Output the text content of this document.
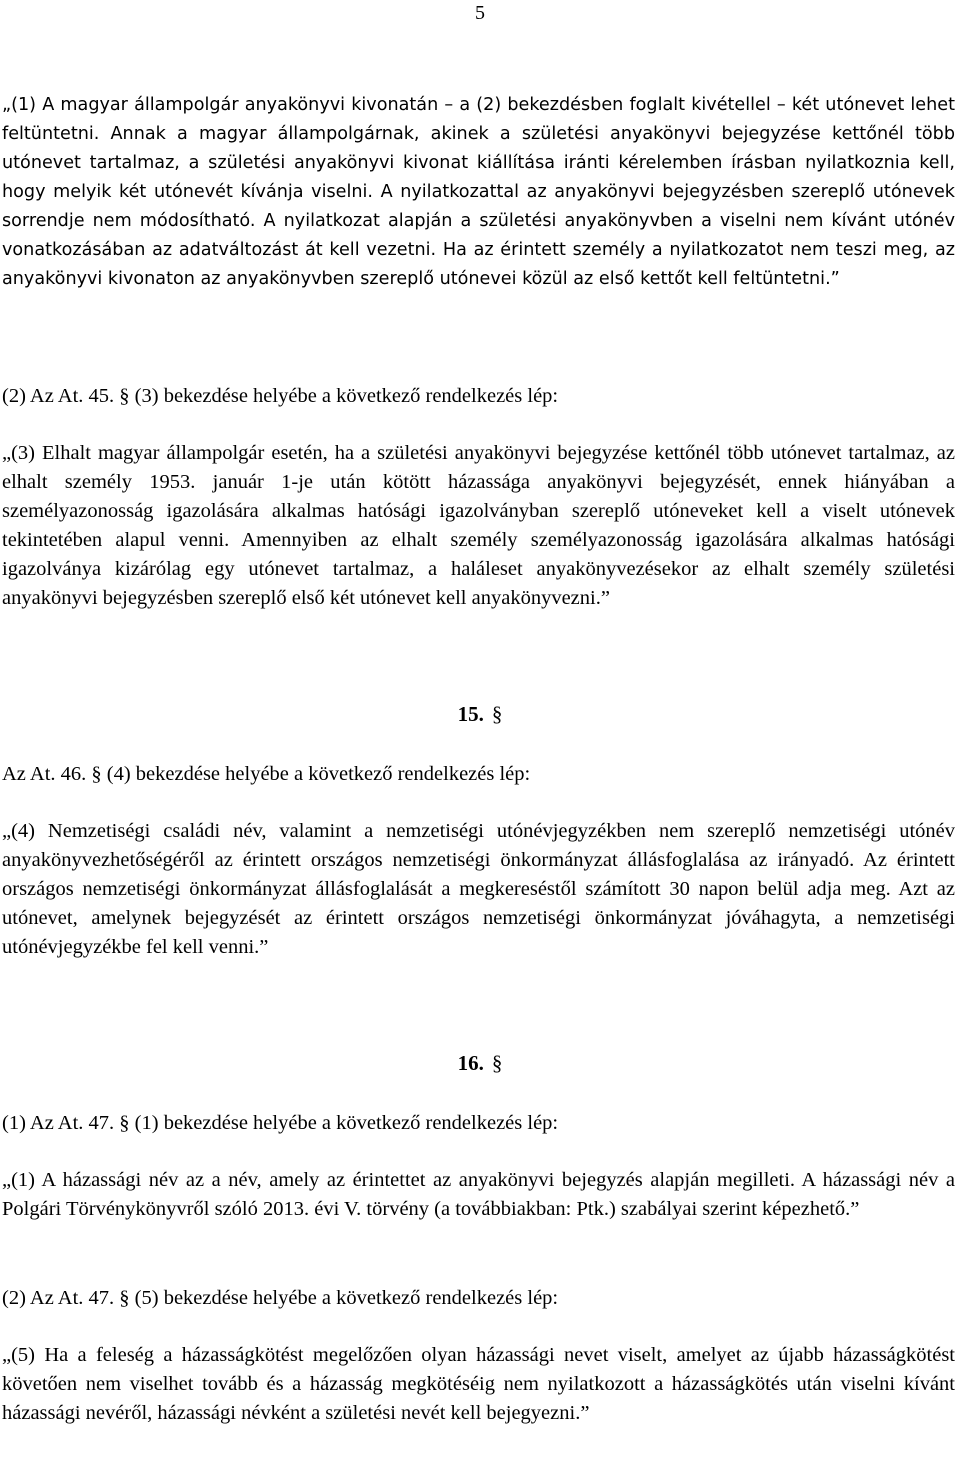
5
„(1) A magyar állampolgár anyakönyvi kivonatán – a (2) bekezdésben foglalt kivétellel – két utónevet lehet feltüntetni. Annak a magyar állampolgárnak, akinek a születési anyakönyvi bejegyzése kettőnél több utónevet tartalmaz, a születési anyakönyvi kivonat kiállítása iránti kérelemben írásban nyilatkoznia kell, hogy melyik két utónevét kívánja viselni. A nyilatkozattal az anyakönyvi bejegyzésben szereplő utónevek sorrendje nem módosítható. A nyilatkozat alapján a születési anyakönyvben a viselni nem kívánt utónév vonatkozásában az adatváltozást át kell vezetni. Ha az érintett személy a nyilatkozatot nem teszi meg, az anyakönyvi kivonaton az anyakönyvben szereplő utónevei közül az első kettőt kell feltüntetni.”
(2) Az At. 45. § (3) bekezdése helyébe a következő rendelkezés lép:
„(3) Elhalt magyar állampolgár esetén, ha a születési anyakönyvi bejegyzése kettőnél több utónevet tartalmaz, az elhalt személy 1953. január 1-je után kötött házassága anyakönyvi bejegyzését, ennek hiányában a személyazonosság igazolására alkalmas hatósági igazolványban szereplő utóneveket kell a viselt utónevek tekintetében alapul venni. Amennyiben az elhalt személy személyazonosság igazolására alkalmas hatósági igazolványa kizárólag egy utónevet tartalmaz, a haláleset anyakönyvezésekor az elhalt személy születési anyakönyvi bejegyzésben szereplő első két utónevet kell anyakönyvezni.”
15. §
Az At. 46. § (4) bekezdése helyébe a következő rendelkezés lép:
„(4) Nemzetiségi családi név, valamint a nemzetiségi utónévjegyzékben nem szereplő nemzetiségi utónév anyakönyvezhetőségéről az érintett országos nemzetiségi önkormányzat állásfoglalása az irányadó. Az érintett országos nemzetiségi önkormányzat állásfoglalását a megkereséstől számított 30 napon belül adja meg. Azt az utónevet, amelynek bejegyzését az érintett országos nemzetiségi önkormányzat jóváhagyta, a nemzetiségi utónévjegyzékbe fel kell venni.”
16. §
(1) Az At. 47. § (1) bekezdése helyébe a következő rendelkezés lép:
„(1) A házassági név az a név, amely az érintettet az anyakönyvi bejegyzés alapján megilleti. A házassági név a Polgári Törvénykönyvről szóló 2013. évi V. törvény (a továbbiakban: Ptk.) szabályai szerint képezhető.”
(2) Az At. 47. § (5) bekezdése helyébe a következő rendelkezés lép:
„(5) Ha a feleség a házasságkötést megelőzően olyan házassági nevet viselt, amelyet az újabb házasságkötést követően nem viselhet tovább és a házasság megkötéséig nem nyilatkozott a házasságkötés után viselni kívánt házassági nevéről, házassági névként a születési nevét kell bejegyezni.”
